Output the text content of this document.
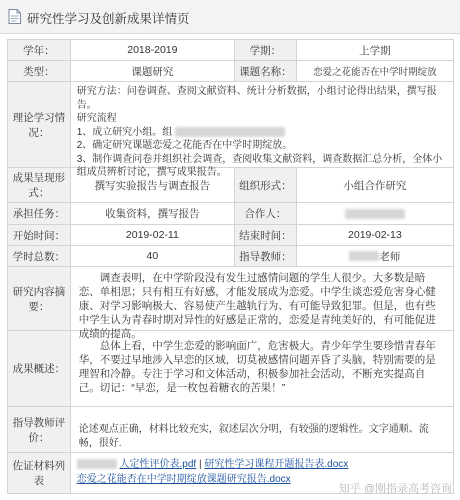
研究性学习及创新成果详情页
学年：	2018-2019	学期：	上学期
类型：	课题研究	课题名称：	恋爱之花能否在中学时期绽放
理论学习情况：
研究方法：问卷调查、查阅文献资料、统计分析数据，小组讨论得出结果，撰写报告。
研究流程
1、成立研究小组。组
2、确定研究课题恋爱之花能否在中学时期绽放。
3、制作调查问卷并组织社会调查，查阅收集文献资料，调查数据汇总分析，全体小组成员辨析讨论，撰写成果报告。
成果呈现形式：
撰写实验报告与调查报告	组织形式：	小组合作研究
承担任务：	收集资料，撰写报告	合作人：
开始时间：	2019-02-11	结束时间：	2019-02-13
学时总数：	40	指导教师：	老师
研究内容摘要：
调查表明，在中学阶段没有发生过感情问题的学生人很少。大多数是暗恋、单相思；只有相互有好感，才能发展成为恋爱。中学生谈恋爱危害身心健康、对学习影响极大、容易使产生越轨行为、有可能导致犯罪。但是，也有些中学生认为青春时期对异性的好感是正常的，恋爱是青纯美好的，有可能促进成绩的提高。
成果概述：
总体上看，中学生恋爱的影响面广，危害极大。青少年学生要珍惜青春年华，不要过早地涉入早恋的区域，切莫被感情问题弄昏了头脑，特别需要的是理智和冷静。专注于学习和文体活动，积极参加社会活动，不断充实提高自己。切记：“早恋，是一枚包着糖衣的苦果！”
指导教师评价：
论述观点正确，材料比较充实，叙述层次分明，有较强的逻辑性。文字通顺、流畅，很好.
佐证材料列表
人定性评价表.pdf | 研究性学习课程开题报告表.docx
恋爱之花能否在中学时期绽放课题研究报告.docx
知乎 @刚指录高考咨询
